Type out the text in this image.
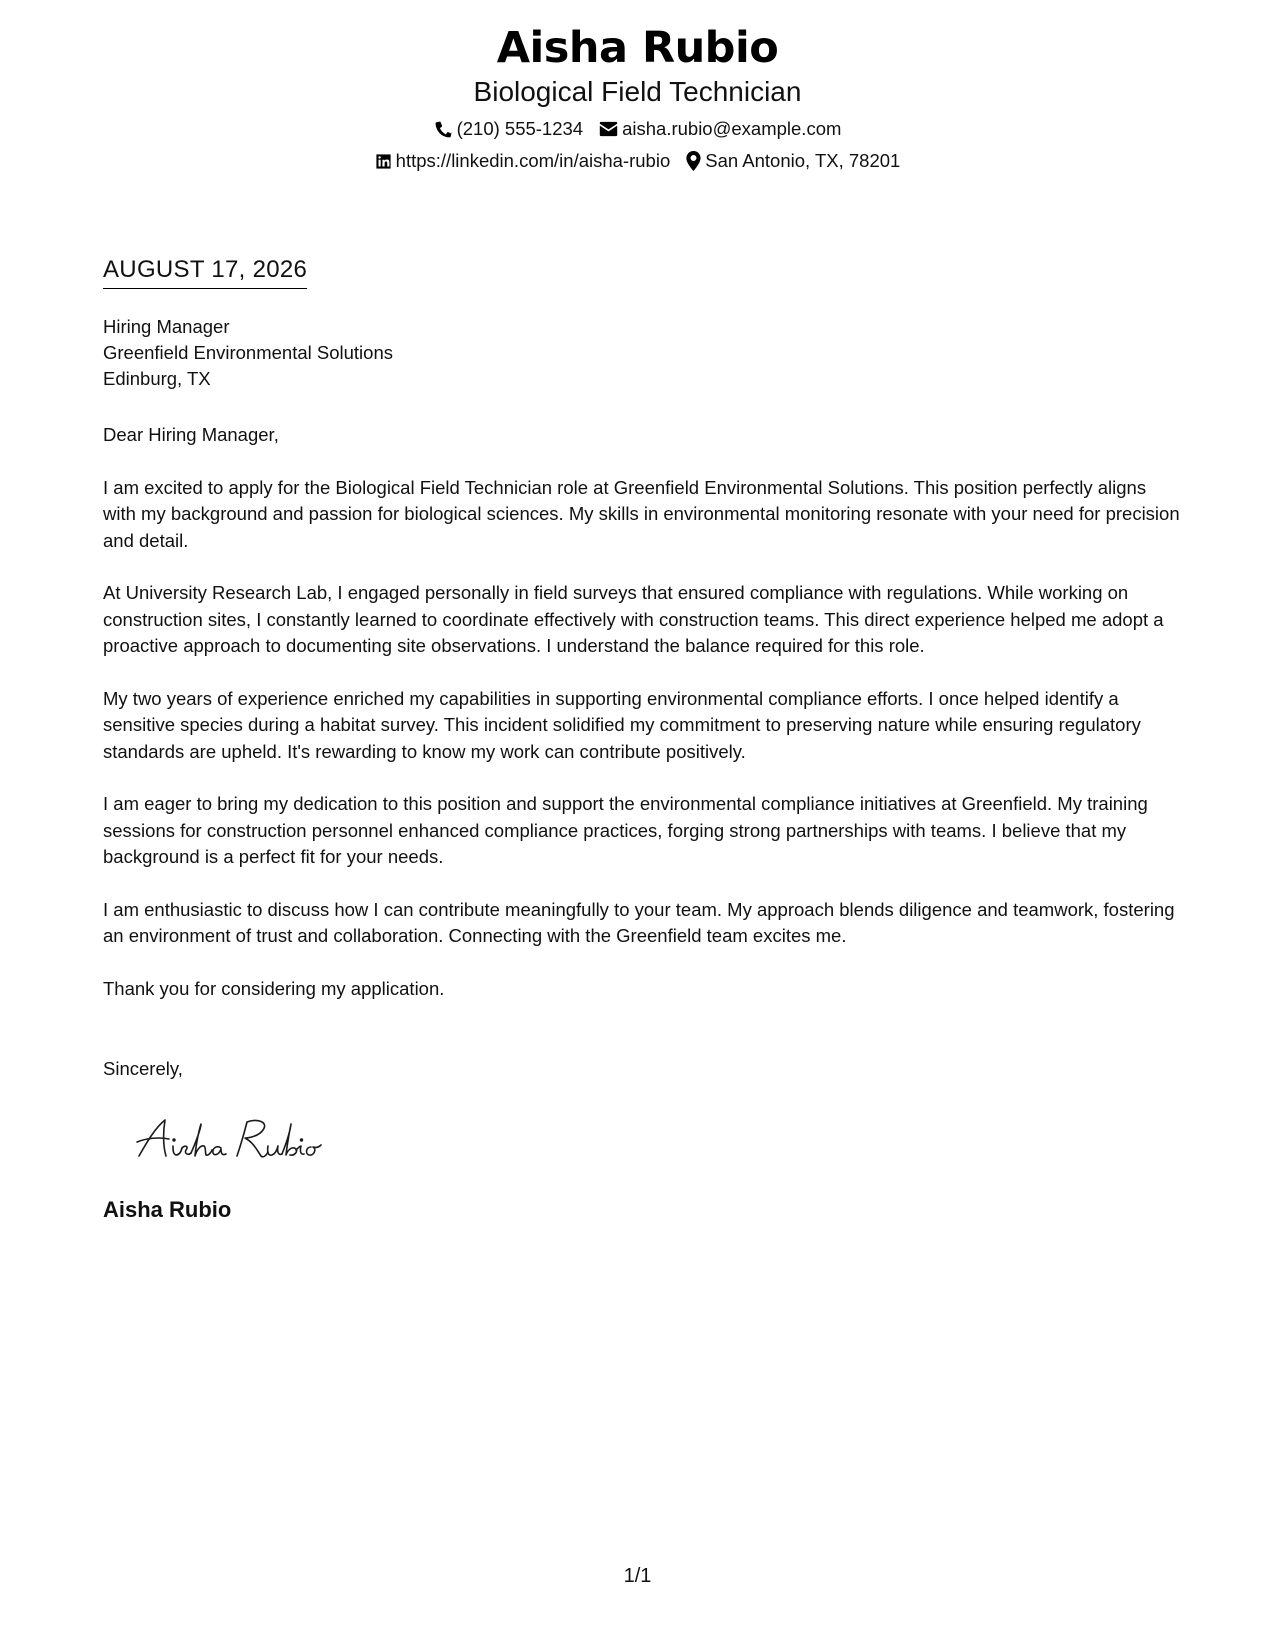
Aisha Rubio
Biological Field Technician
(210) 555-1234 aisha.rubio@example.com
https://linkedin.com/in/aisha-rubio San Antonio, TX, 78201
AUGUST 17, 2026
Hiring Manager
Greenfield Environmental Solutions
Edinburg, TX

Dear Hiring Manager,

I am excited to apply for the Biological Field Technician role at Greenfield Environmental Solutions. This position perfectly aligns with my background and passion for biological sciences. My skills in environmental monitoring resonate with your need for precision and detail.

At University Research Lab, I engaged personally in field surveys that ensured compliance with regulations. While working on construction sites, I constantly learned to coordinate effectively with construction teams. This direct experience helped me adopt a proactive approach to documenting site observations. I understand the balance required for this role.

My two years of experience enriched my capabilities in supporting environmental compliance efforts. I once helped identify a sensitive species during a habitat survey. This incident solidified my commitment to preserving nature while ensuring regulatory standards are upheld. It's rewarding to know my work can contribute positively.

I am eager to bring my dedication to this position and support the environmental compliance initiatives at Greenfield. My training sessions for construction personnel enhanced compliance practices, forging strong partnerships with teams. I believe that my background is a perfect fit for your needs.

I am enthusiastic to discuss how I can contribute meaningfully to your team. My approach blends diligence and teamwork, fostering an environment of trust and collaboration. Connecting with the Greenfield team excites me.

Thank you for considering my application.

Sincerely,
Aisha Rubio
1/1
